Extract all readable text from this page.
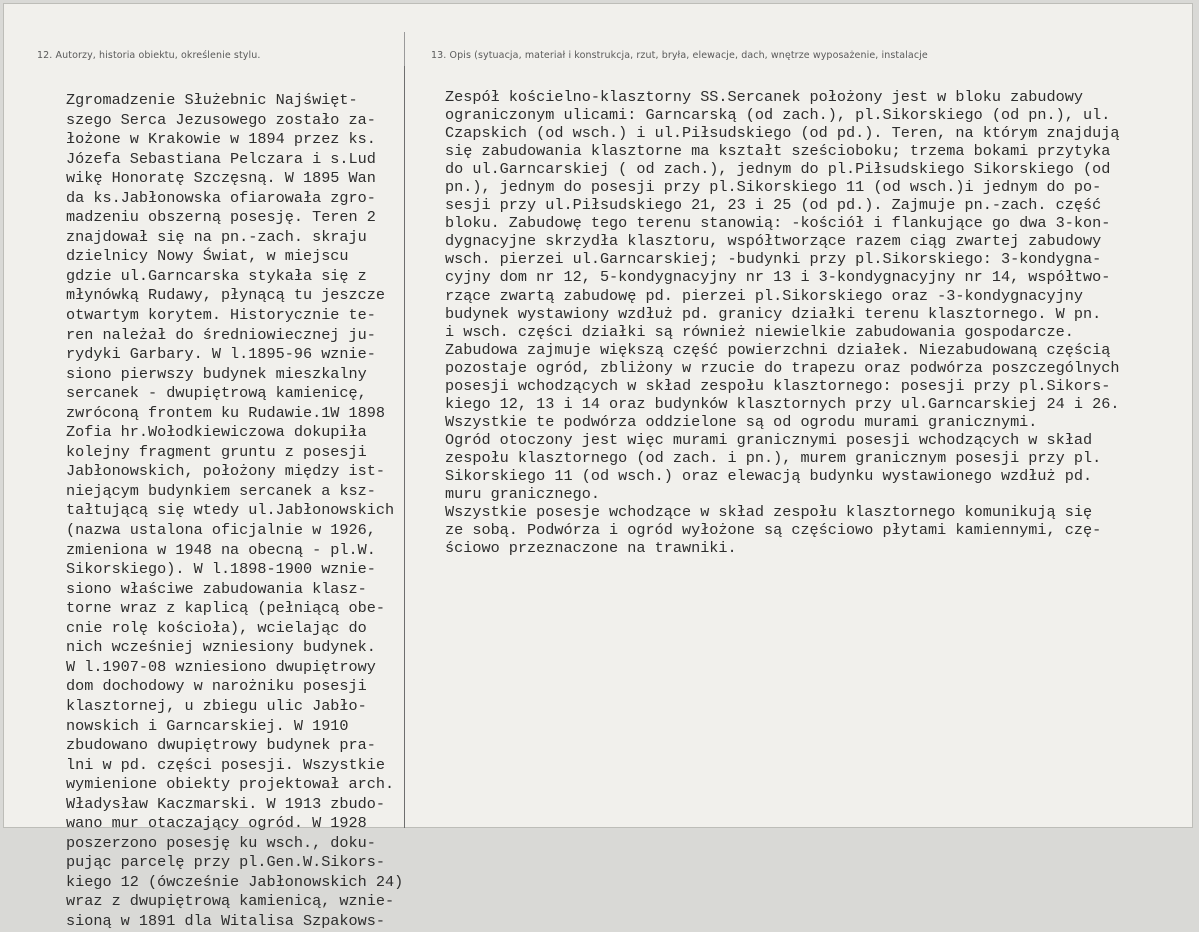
12. Autorzy, historia obiektu, określenie stylu.	13. Opis (sytuacja, materiał i konstrukcja, rzut, bryła, elewacje, dach, wnętrze wyposażenie, instalacje
Zgromadzenie Służebnic Najświęt-
szego Serca Jezusowego zostało za-
łożone w Krakowie w 1894 przez ks.
Józefa Sebastiana Pelczara i s.Lud
wikę Honoratę Szczęsną. W 1895 Wan
da ks.Jabłonowska ofiarowała zgro-
madzeniu obszerną posesję. Teren 2
znajdował się na pn.-zach. skraju
dzielnicy Nowy Świat, w miejscu
gdzie ul.Garncarska stykała się z
młynówką Rudawy, płynącą tu jeszcze
otwartym korytem. Historycznie te-
ren należał do średniowiecznej ju-
rydyki Garbary. W l.1895-96 wznie-
siono pierwszy budynek mieszkalny
sercanek - dwupiętrową kamienicę,
zwróconą frontem ku Rudawie.1W 1898
Zofia hr.Wołodkiewiczowa dokupiła
kolejny fragment gruntu z posesji
Jabłonowskich, położony między ist-
niejącym budynkiem sercanek a ksz-
tałtującą się wtedy ul.Jabłonowskich
(nazwa ustalona oficjalnie w 1926,
zmieniona w 1948 na obecną - pl.W.
Sikorskiego). W l.1898-1900 wznie-
siono właściwe zabudowania klasz-
torne wraz z kaplicą (pełniącą obe-
cnie rolę kościoła), wcielając do
nich wcześniej wzniesiony budynek.
W l.1907-08 wzniesiono dwupiętrowy
dom dochodowy w narożniku posesji
klasztornej, u zbiegu ulic Jabło-
nowskich i Garncarskiej. W 1910
zbudowano dwupiętrowy budynek pra-
lni w pd. części posesji. Wszystkie
wymienione obiekty projektował arch.
Władysław Kaczmarski. W 1913 zbudo-
wano mur otaczający ogród. W 1928
poszerzono posesję ku wsch., doku-
pując parcelę przy pl.Gen.W.Sikors-
kiego 12 (ówcześnie Jabłonowskich 24)
wraz z dwupiętrową kamienicą, wznie-
sioną w 1891 dla Witalisa Szpakows-
Zespół kościelno-klasztorny SS.Sercanek położony jest w bloku zabudowy
ograniczonym ulicami: Garncarską (od zach.), pl.Sikorskiego (od pn.), ul.
Czapskich (od wsch.) i ul.Piłsudskiego (od pd.). Teren, na którym znajdują
się zabudowania klasztorne ma kształt sześcioboku; trzema bokami przytyka
do ul.Garncarskiej ( od zach.), jednym do pl.Piłsudskiego Sikorskiego (od
pn.), jednym do posesji przy pl.Sikorskiego 11 (od wsch.)i jednym do po-
sesji przy ul.Piłsudskiego 21, 23 i 25 (od pd.). Zajmuje pn.-zach. część
bloku. Zabudowę tego terenu stanowią: -kościół i flankujące go dwa 3-kon-
dygnacyjne skrzydła klasztoru, współtworzące razem ciąg zwartej zabudowy
wsch. pierzei ul.Garncarskiej; -budynki przy pl.Sikorskiego: 3-kondygna-
cyjny dom nr 12, 5-kondygnacyjny nr 13 i 3-kondygnacyjny nr 14, współtwo-
rzące zwartą zabudowę pd. pierzei pl.Sikorskiego oraz -3-kondygnacyjny
budynek wystawiony wzdłuż pd. granicy działki terenu klasztornego. W pn.
i wsch. części działki są również niewielkie zabudowania gospodarcze.
Zabudowa zajmuje większą część powierzchni działek. Niezabudowaną częścią
pozostaje ogród, zbliżony w rzucie do trapezu oraz podwórza poszczególnych
posesji wchodzących w skład zespołu klasztornego: posesji przy pl.Sikors-
kiego 12, 13 i 14 oraz budynków klasztornych przy ul.Garncarskiej 24 i 26.
Wszystkie te podwórza oddzielone są od ogrodu murami granicznymi.
Ogród otoczony jest więc murami granicznymi posesji wchodzących w skład
zespołu klasztornego (od zach. i pn.), murem granicznym posesji przy pl.
Sikorskiego 11 (od wsch.) oraz elewacją budynku wystawionego wzdłuż pd.
muru granicznego.
Wszystkie posesje wchodzące w skład zespołu klasztornego komunikują się
ze sobą. Podwórza i ogród wyłożone są częściowo płytami kamiennymi, czę-
ściowo przeznaczone na trawniki.
